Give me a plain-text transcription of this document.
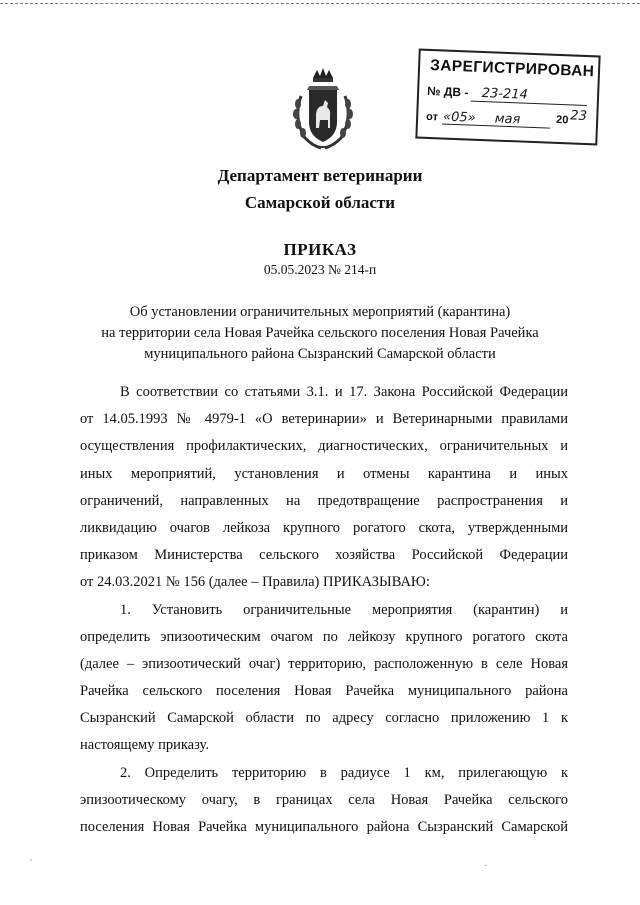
ЗАРЕГИСТРИРОВАН
№ ДВ - 23-214
от «05» мая	20 23
Департамент ветеринарии
Самарской области
ПРИКАЗ
05.05.2023 № 214-п
Об установлении ограничительных мероприятий (карантина)
на территории села Новая Рачейка сельского поселения Новая Рачейка
муниципального района Сызранский Самарской области
В соответствии со статьями 3.1. и 17. Закона Российской Федерации
от 14.05.1993 № 4979-1 «О ветеринарии» и Ветеринарными правилами
осуществления профилактических, диагностических, ограничительных и
иных мероприятий, установления и отмены карантина и иных
ограничений, направленных на предотвращение распространения и
ликвидацию очагов лейкоза крупного рогатого скота, утвержденными
приказом Министерства сельского хозяйства Российской Федерации
от 24.03.2021 № 156 (далее – Правила) ПРИКАЗЫВАЮ:
1. Установить ограничительные мероприятия (карантин) и
определить эпизоотическим очагом по лейкозу крупного рогатого скота
(далее – эпизоотический очаг) территорию, расположенную в селе Новая
Рачейка сельского поселения Новая Рачейка муниципального района
Сызранский Самарской области по адресу согласно приложению 1 к
настоящему приказу.
2. Определить территорию в радиусе 1 км, прилегающую к
эпизоотическому очагу, в границах села Новая Рачейка сельского
поселения Новая Рачейка муниципального района Сызранский Самарской
'	.
